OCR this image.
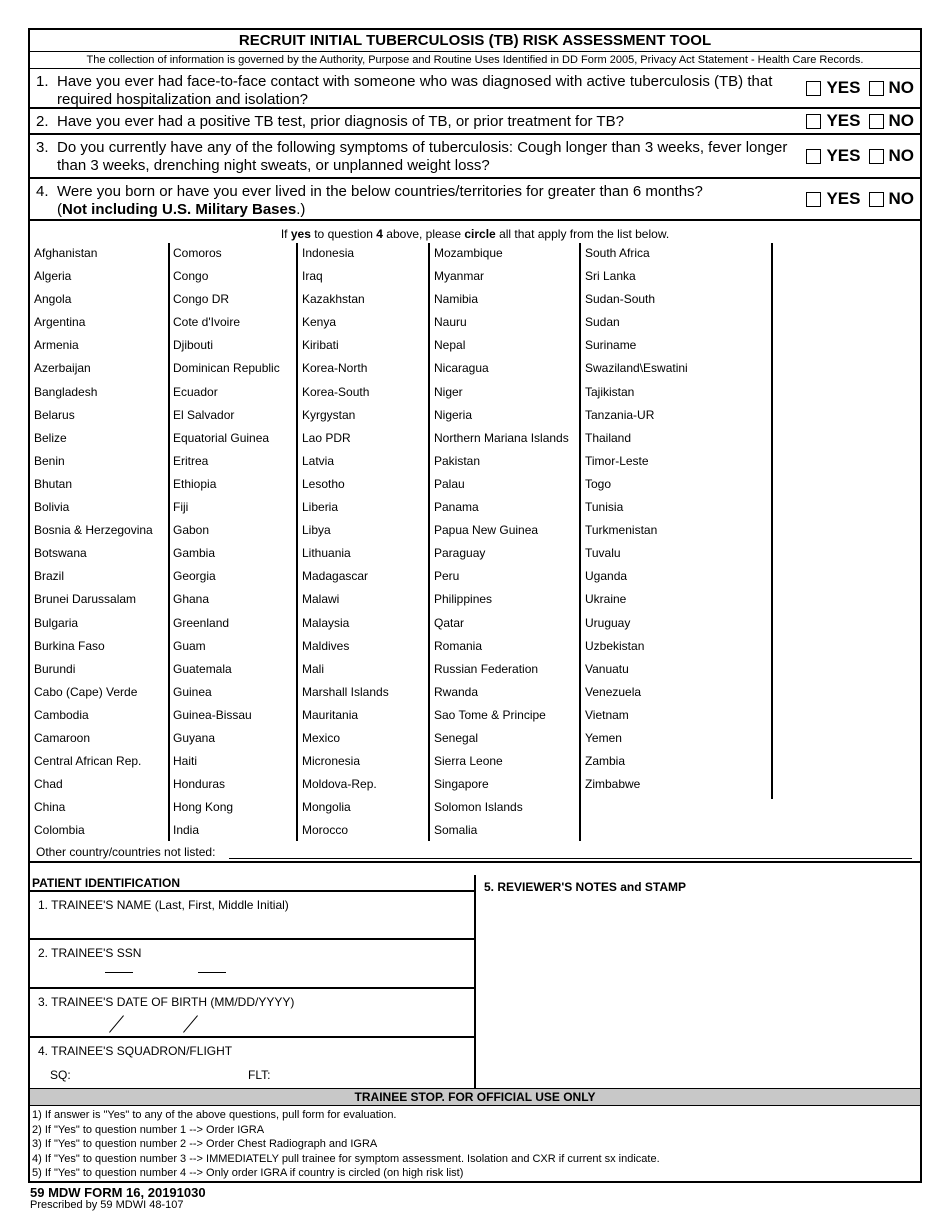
RECRUIT INITIAL TUBERCULOSIS (TB) RISK ASSESSMENT TOOL
The collection of information is governed by the Authority, Purpose and Routine Uses Identified in DD Form 2005, Privacy Act Statement - Health Care Records.
1. Have you ever had face-to-face contact with someone who was diagnosed with active tuberculosis (TB) that required hospitalization and isolation?
YES NO
2. Have you ever had a positive TB test, prior diagnosis of TB, or prior treatment for TB?	YES NO
3. Do you currently have any of the following symptoms of tuberculosis: Cough longer than 3 weeks, fever longer than 3 weeks, drenching night sweats, or unplanned weight loss?
YES NO
4. Were you born or have you ever lived in the below countries/territories for greater than 6 months?
(Not including U.S. Military Bases.)
YES NO
If yes to question 4 above, please circle all that apply from the list below.
Afghanistan
Algeria
Angola
Argentina
Armenia
Azerbaijan
Bangladesh
Belarus
Belize
Benin
Bhutan
Bolivia
Bosnia & Herzegovina
Botswana
Brazil
Brunei Darussalam
Bulgaria
Burkina Faso
Burundi
Cabo (Cape) Verde
Cambodia
Camaroon
Central African Rep.
Chad
China
Colombia
Comoros
Congo
Congo DR
Cote d'Ivoire
Djibouti
Dominican Republic
Ecuador
El Salvador
Equatorial Guinea
Eritrea
Ethiopia
Fiji
Gabon
Gambia
Georgia
Ghana
Greenland
Guam
Guatemala
Guinea
Guinea-Bissau
Guyana
Haiti
Honduras
Hong Kong
India
Indonesia
Iraq
Kazakhstan
Kenya
Kiribati
Korea-North
Korea-South
Kyrgystan
Lao PDR
Latvia
Lesotho
Liberia
Libya
Lithuania
Madagascar
Malawi
Malaysia
Maldives
Mali
Marshall Islands
Mauritania
Mexico
Micronesia
Moldova-Rep.
Mongolia
Morocco
Mozambique
Myanmar
Namibia
Nauru
Nepal
Nicaragua
Niger
Nigeria
Northern Mariana Islands
Pakistan
Palau
Panama
Papua New Guinea
Paraguay
Peru
Philippines
Qatar
Romania
Russian Federation
Rwanda
Sao Tome & Principe
Senegal
Sierra Leone
Singapore
Solomon Islands
Somalia
South Africa
Sri Lanka
Sudan-South
Sudan
Suriname
Swaziland\Eswatini
Tajikistan
Tanzania-UR
Thailand
Timor-Leste
Togo
Tunisia
Turkmenistan
Tuvalu
Uganda
Ukraine
Uruguay
Uzbekistan
Vanuatu
Venezuela
Vietnam
Yemen
Zambia
Zimbabwe
Other country/countries not listed:
PATIENT IDENTIFICATION
1. TRAINEE'S NAME (Last, First, Middle Initial)
2. TRAINEE'S SSN
3. TRAINEE'S DATE OF BIRTH (MM/DD/YYYY)
4. TRAINEE'S SQUADRON/FLIGHT
SQ:	FLT:
5. REVIEWER'S NOTES and STAMP
TRAINEE STOP. FOR OFFICIAL USE ONLY
1) If answer is "Yes" to any of the above questions, pull form for evaluation.
2) If "Yes" to question number 1 --> Order IGRA
3) If "Yes" to question number 2 --> Order Chest Radiograph and IGRA
4) If "Yes" to question number 3 --> IMMEDIATELY pull trainee for symptom assessment. Isolation and CXR if current sx indicate.
5) If "Yes" to question number 4 --> Only order IGRA if country is circled (on high risk list)
59 MDW FORM 16, 20191030
Prescribed by 59 MDWI 48-107
